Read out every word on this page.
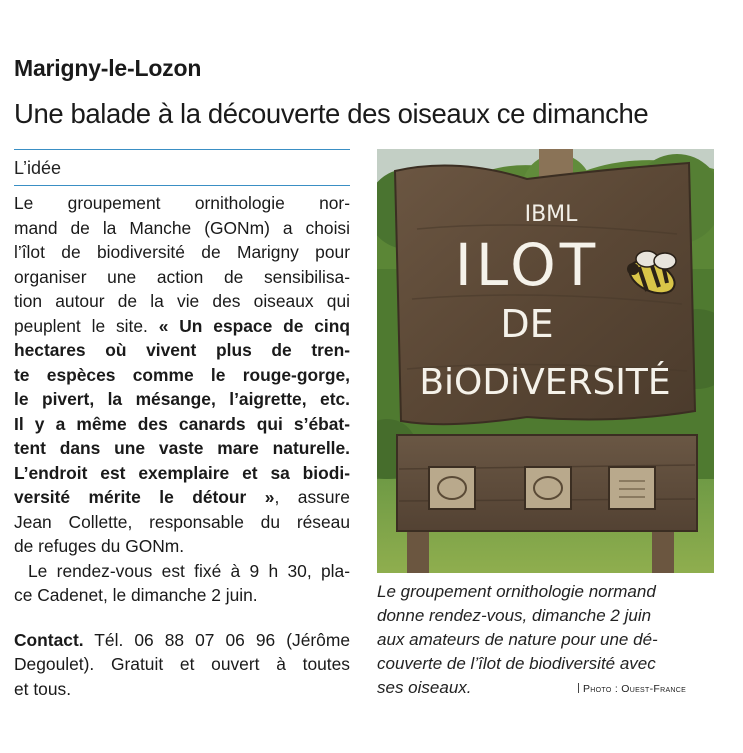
Marigny-le-Lozon
Une balade à la découverte des oiseaux ce dimanche
L’idée
Le groupement ornithologie nor-
mand de la Manche (GONm) a choisi
l’îlot de biodiversité de Marigny pour
organiser une action de sensibilisa-
tion autour de la vie des oiseaux qui
peuplent le site. « Un espace de cinq
hectares où vivent plus de tren-
te espèces comme le rouge-gorge,
le pivert, la mésange, l’aigrette, etc.
Il y a même des canards qui s’ébat-
tent dans une vaste mare naturelle.
L’endroit est exemplaire et sa biodi-
versité mérite le détour », assure
Jean Collette, responsable du réseau
de refuges du GONm.
Le rendez-vous est fixé à 9 h 30, pla-
ce Cadenet, le dimanche 2 juin.
Contact. Tél. 06 88 07 06 96 (Jérôme
Degoulet). Gratuit et ouvert à toutes
et tous.
IBML
ILOT
DE
BiODiVERSITÉ
Le groupement ornithologie normand
donne rendez-vous, dimanche 2 juin
aux amateurs de nature pour une dé-
couverte de l’îlot de biodiversité avec
ses oiseaux.	Photo : Ouest-France
